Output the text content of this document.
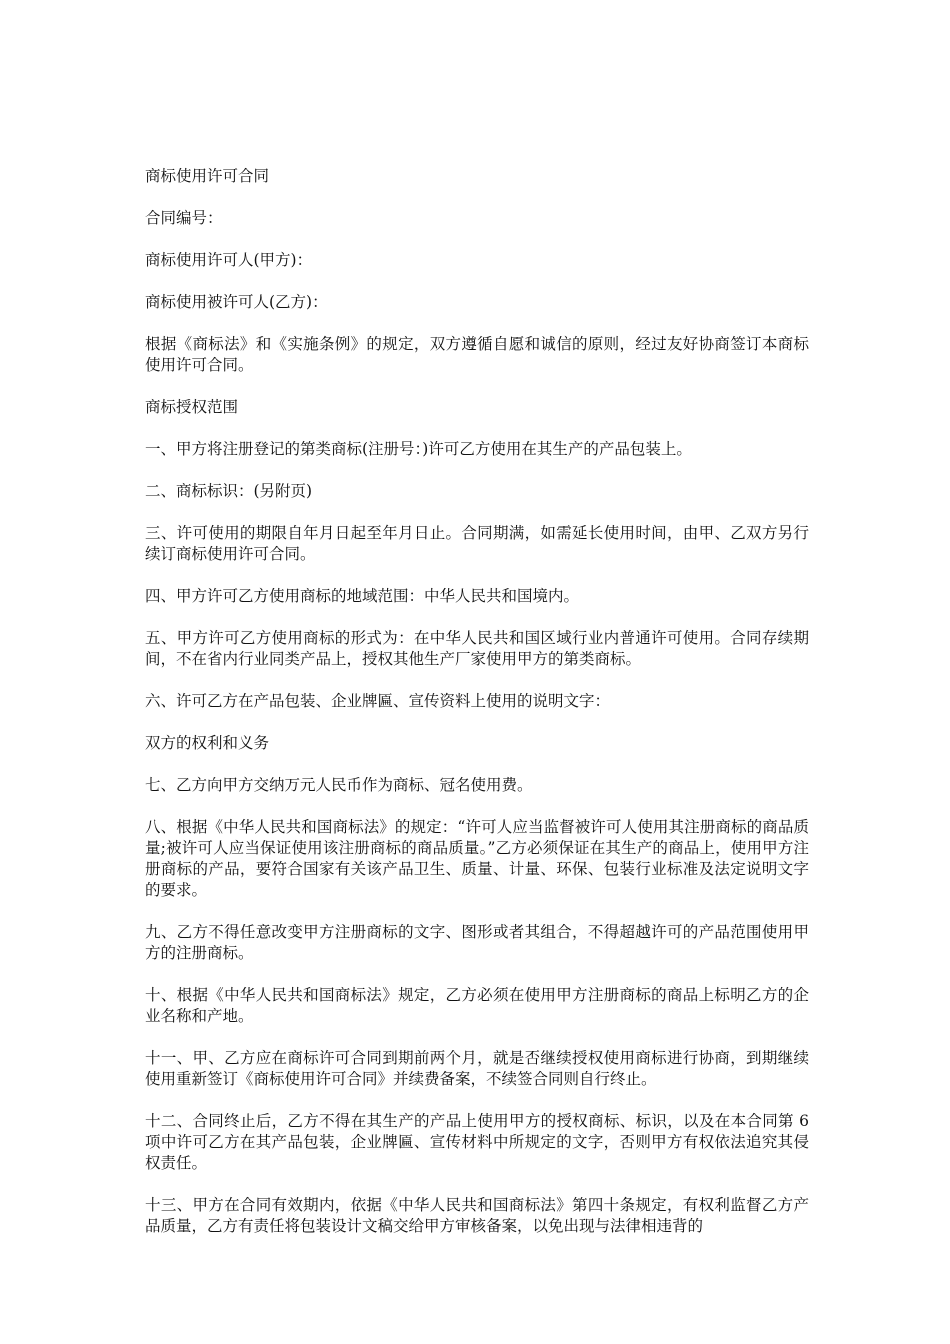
商标使用许可合同

合同编号：

商标使用许可人(甲方)：

商标使用被许可人(乙方)：

根据《商标法》和《实施条例》的规定，双方遵循自愿和诚信的原则，经过友好协商签订本商标使用许可合同。

商标授权范围

一、甲方将注册登记的第类商标(注册号：)许可乙方使用在其生产的产品包装上。

二、商标标识：(另附页)

三、许可使用的期限自年月日起至年月日止。合同期满，如需延长使用时间，由甲、乙双方另行续订商标使用许可合同。

四、甲方许可乙方使用商标的地域范围：中华人民共和国境内。

五、甲方许可乙方使用商标的形式为：在中华人民共和国区域行业内普通许可使用。合同存续期间，不在省内行业同类产品上，授权其他生产厂家使用甲方的第类商标。

六、许可乙方在产品包装、企业牌匾、宣传资料上使用的说明文字：

双方的权利和义务

七、乙方向甲方交纳万元人民币作为商标、冠名使用费。

八、根据《中华人民共和国商标法》的规定：“许可人应当监督被许可人使用其注册商标的商品质量;被许可人应当保证使用该注册商标的商品质量。”乙方必须保证在其生产的商品上，使用甲方注册商标的产品，要符合国家有关该产品卫生、质量、计量、环保、包装行业标准及法定说明文字的要求。

九、乙方不得任意改变甲方注册商标的文字、图形或者其组合，不得超越许可的产品范围使用甲方的注册商标。

十、根据《中华人民共和国商标法》规定，乙方必须在使用甲方注册商标的商品上标明乙方的企业名称和产地。

十一、甲、乙方应在商标许可合同到期前两个月，就是否继续授权使用商标进行协商，到期继续使用重新签订《商标使用许可合同》并续费备案，不续签合同则自行终止。

十二、合同终止后，乙方不得在其生产的产品上使用甲方的授权商标、标识，以及在本合同第 6 项中许可乙方在其产品包装，企业牌匾、宣传材料中所规定的文字，否则甲方有权依法追究其侵权责任。

十三、甲方在合同有效期内，依据《中华人民共和国商标法》第四十条规定，有权利监督乙方产品质量，乙方有责任将包装设计文稿交给甲方审核备案，以免出现与法律相违背的
